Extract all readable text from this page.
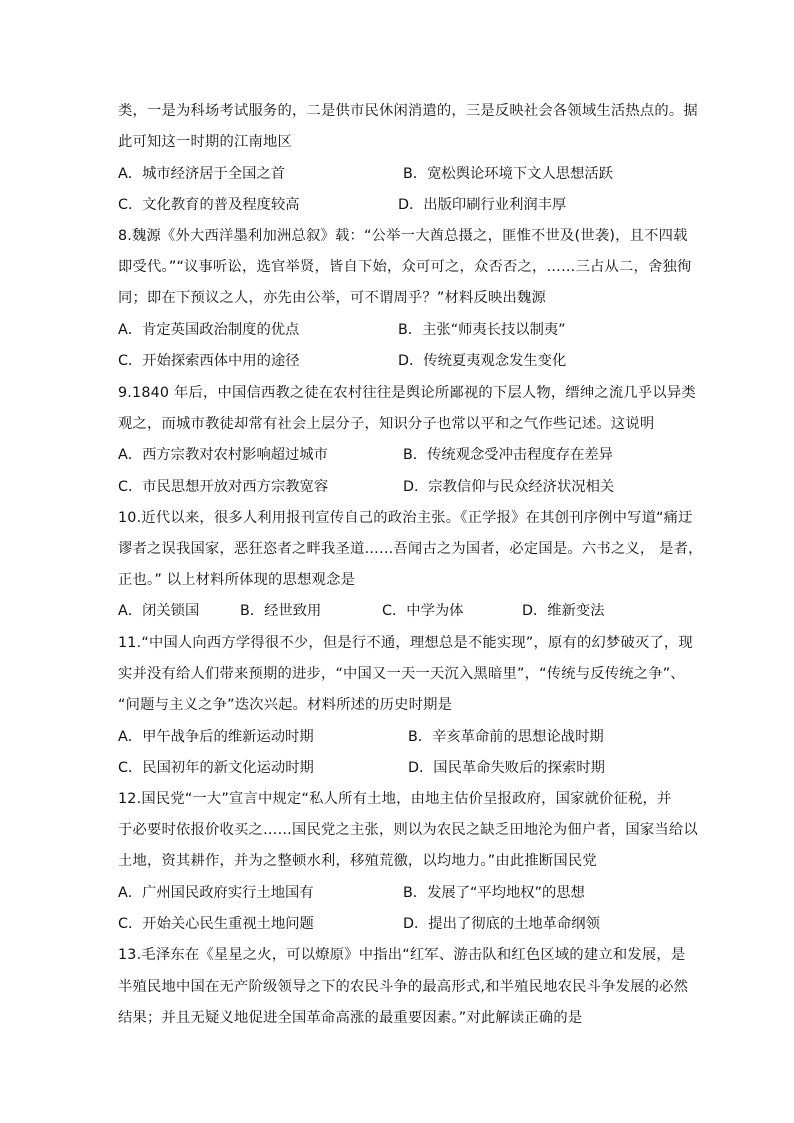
类，一是为科场考试服务的，二是供市民休闲消遣的，三是反映社会各领域生活热点的。据
此可知这一时期的江南地区
A．城市经济居于全国之首	B．宽松舆论环境下文人思想活跃
C．文化教育的普及程度较高	D．出版印刷行业利润丰厚
8.魏源《外大西洋墨利加洲总叙》载：“公举一大酋总摄之，匪惟不世及(世袭)，且不四载
即受代。”“议事听讼，选官举贤，皆自下始，众可可之，众否否之，……三占从二，舍独徇
同；即在下预议之人，亦先由公举，可不谓周乎？”材料反映出魏源
A．肯定英国政治制度的优点	B．主张“师夷长技以制夷”
C．开始探索西体中用的途径	D．传统夏夷观念发生变化
9.1840 年后，中国信西教之徒在农村往往是舆论所鄙视的下层人物，缙绅之流几乎以异类
观之，而城市教徒却常有社会上层分子，知识分子也常以平和之气作些记述。这说明
A．西方宗教对农村影响超过城市	B．传统观念受冲击程度存在差异
C．市民思想开放对西方宗教宽容	D．宗教信仰与民众经济状况相关
10.近代以来，很多人利用报刊宣传自己的政治主张。《正学报》在其创刊序例中写道“痛迂
谬者之误我国家，恶狂恣者之畔我圣道……吾闻古之为国者，必定国是。六书之义， 是者，
正也。” 以上材料所体现的思想观念是
A．闭关锁国	B．经世致用	C．中学为体	D．维新变法
11.“中国人向西方学得很不少，但是行不通，理想总是不能实现”，原有的幻梦破灭了，现
实并没有给人们带来预期的进步，“中国又一天一天沉入黑暗里”，“传统与反传统之争”、
“问题与主义之争”迭次兴起。材料所述的历史时期是
A．甲午战争后的维新运动时期	B．辛亥革命前的思想论战时期
C．民国初年的新文化运动时期	D．国民革命失败后的探索时期
12.国民党“一大”宣言中规定“私人所有土地，由地主估价呈报政府，国家就价征税，并
于必要时依报价收买之……国民党之主张，则以为农民之缺乏田地沦为佃户者，国家当给以
土地，资其耕作，并为之整顿水利，移殖荒徼，以均地力。”由此推断国民党
A．广州国民政府实行土地国有	B．发展了“平均地权”的思想
C．开始关心民生重视土地问题	D．提出了彻底的土地革命纲领
13.毛泽东在《星星之火，可以燎原》中指出“红军、游击队和红色区域的建立和发展，是
半殖民地中国在无产阶级领导之下的农民斗争的最高形式,和半殖民地农民斗争发展的必然
结果；并且无疑义地促进全国革命高涨的最重要因素。”对此解读正确的是
